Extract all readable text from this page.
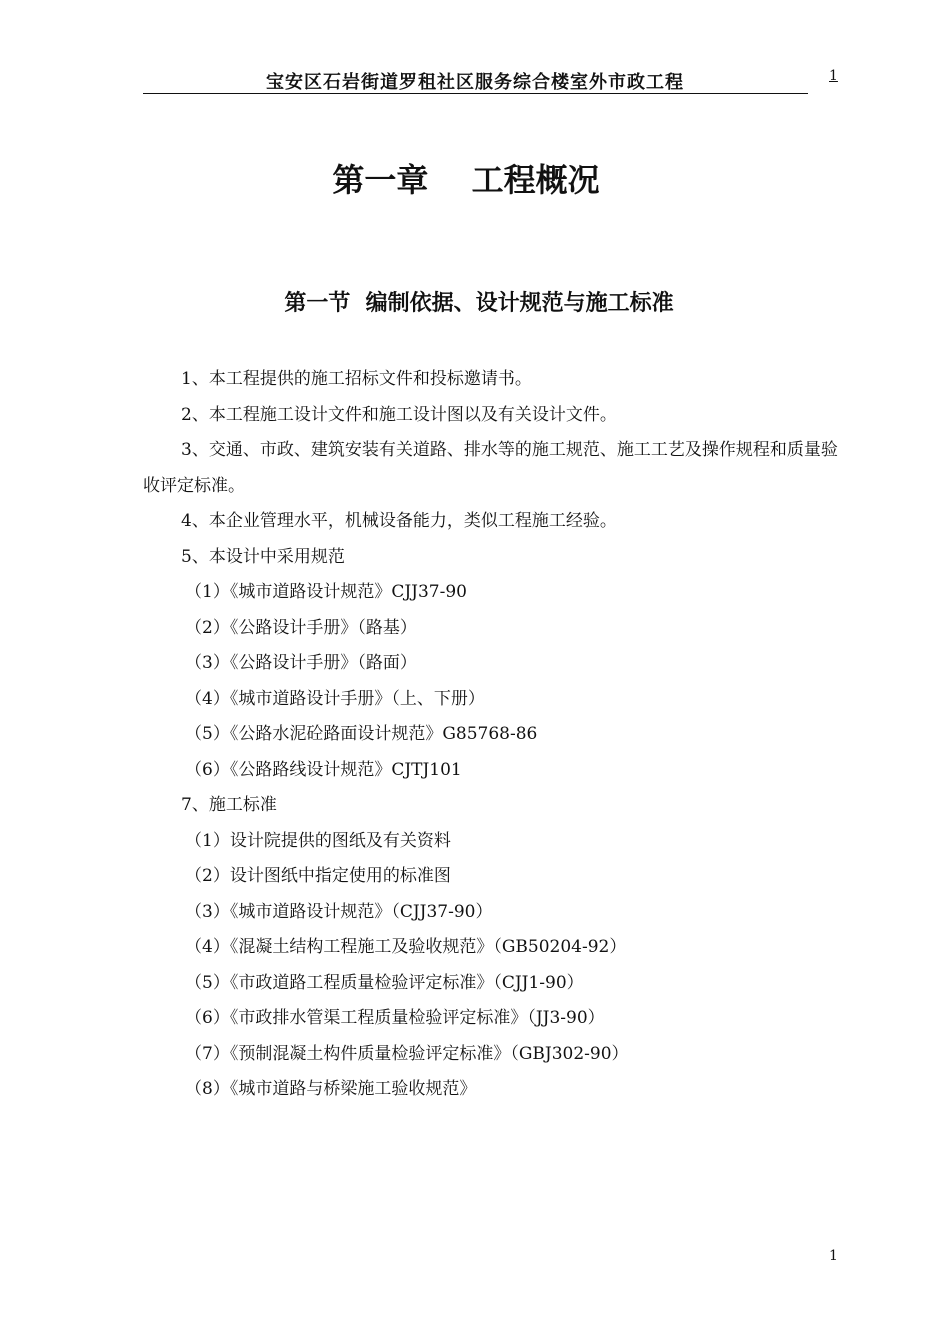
宝安区石岩街道罗租社区服务综合楼室外市政工程	1
第一章　 工程概况
第一节  编制依据、设计规范与施工标准

1、本工程提供的施工招标文件和投标邀请书。

2、本工程施工设计文件和施工设计图以及有关设计文件。

3、交通、市政、建筑安装有关道路、排水等的施工规范、施工工艺及操作规程和质量验收评定标准。

4、本企业管理水平，机械设备能力，类似工程施工经验。

5、本设计中采用规范

（1）《城市道路设计规范》CJJ37-90

（2）《公路设计手册》（路基）

（3）《公路设计手册》（路面）

（4）《城市道路设计手册》（上、下册）

（5）《公路水泥砼路面设计规范》G85768-86

（6）《公路路线设计规范》CJTJ101

7、施工标准

（1）设计院提供的图纸及有关资料

（2）设计图纸中指定使用的标准图

（3）《城市道路设计规范》（CJJ37-90）

（4）《混凝土结构工程施工及验收规范》（GB50204-92）

（5）《市政道路工程质量检验评定标准》（CJJ1-90）

（6）《市政排水管渠工程质量检验评定标准》（JJ3-90）

（7）《预制混凝土构件质量检验评定标准》（GBJ302-90）

（8）《城市道路与桥梁施工验收规范》

1
